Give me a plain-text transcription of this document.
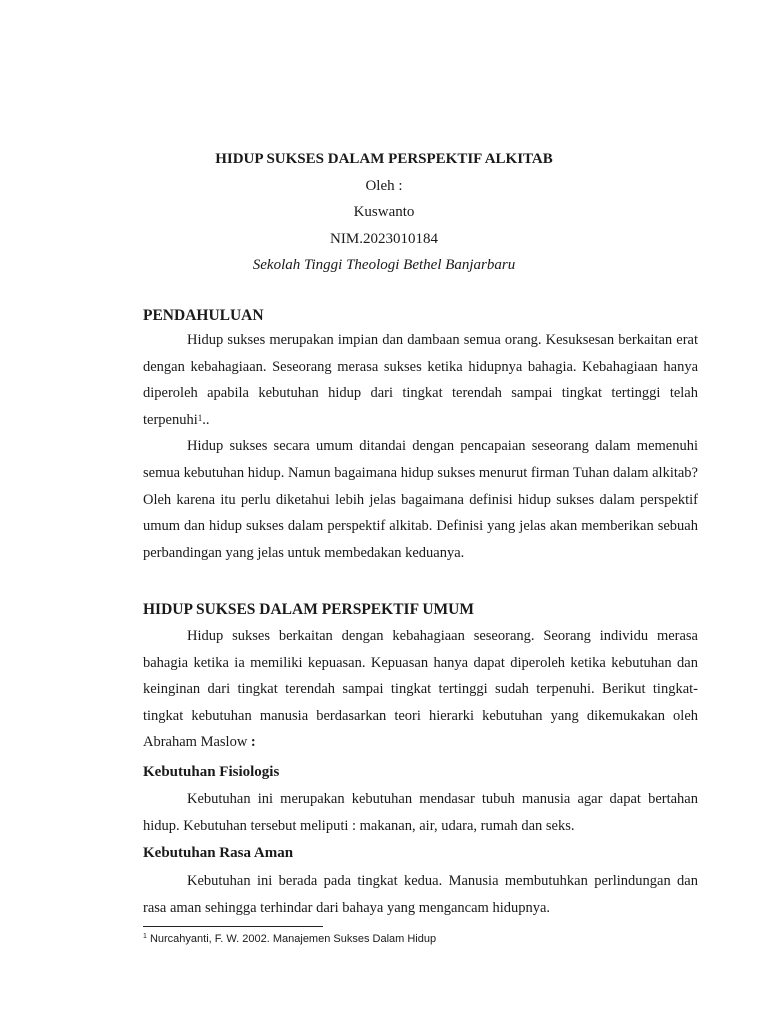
HIDUP SUKSES DALAM PERSPEKTIF ALKITAB
Oleh :
Kuswanto
NIM.2023010184
Sekolah Tinggi Theologi Bethel Banjarbaru
PENDAHULUAN

Hidup sukses merupakan impian dan dambaan semua orang. Kesuksesan berkaitan erat dengan kebahagiaan. Seseorang merasa sukses ketika hidupnya bahagia. Kebahagiaan hanya diperoleh apabila kebutuhan hidup dari tingkat terendah sampai tingkat tertinggi telah terpenuhi$^1$..

Hidup sukses secara umum ditandai dengan pencapaian seseorang dalam memenuhi semua kebutuhan hidup. Namun bagaimana hidup sukses menurut firman Tuhan dalam alkitab? Oleh karena itu perlu diketahui lebih jelas bagaimana definisi hidup sukses dalam perspektif umum dan hidup sukses dalam perspektif alkitab. Definisi yang jelas akan memberikan sebuah perbandingan yang jelas untuk membedakan keduanya.

HIDUP SUKSES DALAM PERSPEKTIF UMUM

Hidup sukses berkaitan dengan kebahagiaan seseorang. Seorang individu merasa bahagia ketika ia memiliki kepuasan. Kepuasan hanya dapat diperoleh ketika kebutuhan dan keinginan dari tingkat terendah sampai tingkat tertinggi sudah terpenuhi. Berikut tingkat-tingkat kebutuhan manusia berdasarkan teori hierarki kebutuhan yang dikemukakan oleh Abraham Maslow :

Kebutuhan Fisiologis

Kebutuhan ini merupakan kebutuhan mendasar tubuh manusia agar dapat bertahan hidup. Kebutuhan tersebut meliputi : makanan, air, udara, rumah dan seks.

Kebutuhan Rasa Aman

Kebutuhan ini berada pada tingkat kedua. Manusia membutuhkan perlindungan dan rasa aman sehingga terhindar dari bahaya yang mengancam hidupnya.

$^1$ Nurcahyanti, F. W. 2002. Manajemen Sukses Dalam Hidup
